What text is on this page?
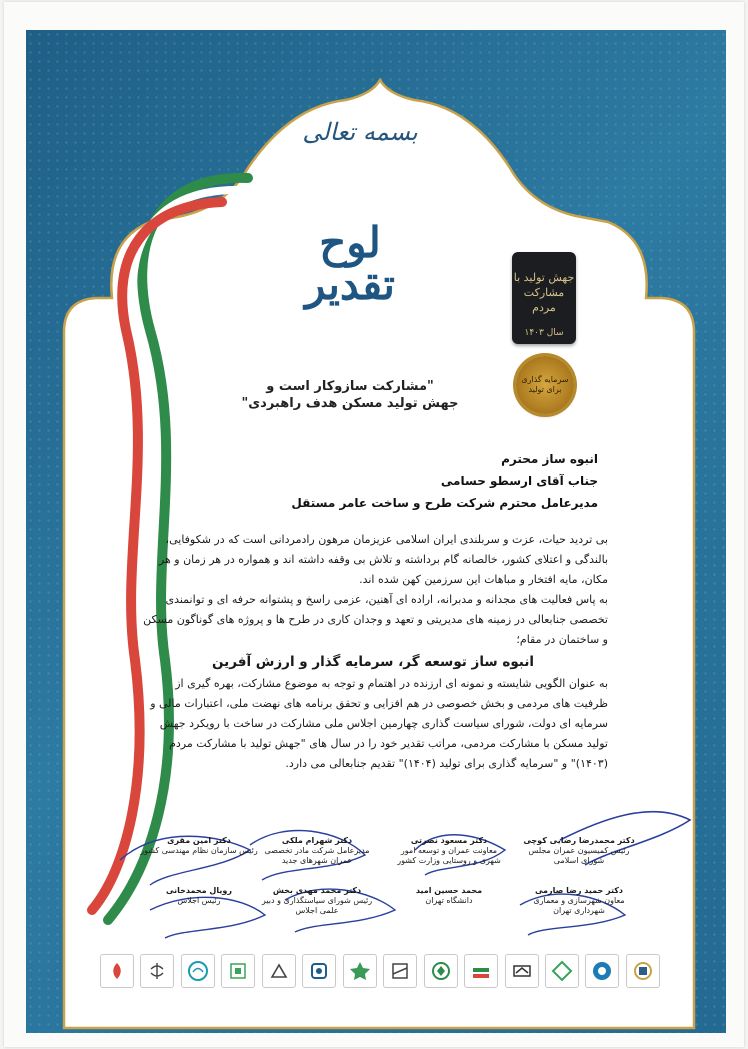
بسمه تعالی
لوح تقدیر
"مشارکت سازوکار است و
جهش تولید مسکن هدف راهبردی"
جهش تولید با مشارکت مردم
سال ۱۴۰۳
سرمایه گذاری برای تولید
انبوه ساز محترم
جناب آقای ارسطو حسامی
مدیرعامل محترم شرکت طرح و ساخت عامر مستقل

بی تردید حیات، عزت و سربلندی ایران اسلامی عزیزمان مرهون رادمردانی است که در شکوفایی، بالندگی و اعتلای کشور، خالصانه گام برداشته و تلاش بی وقفه داشته اند و همواره در هر زمان و هر مکان، مایه افتخار و مباهات این سرزمین کهن شده اند.

به پاس فعالیت های مجدانه و مدبرانه، اراده ای آهنین، عزمی راسخ و پشتوانه حرفه ای و توانمندی تخصصی جنابعالی در زمینه های مدیریتی و تعهد و وجدان کاری در طرح ها و پروژه های گوناگون مسکن و ساختمان در مقام؛

انبوه ساز توسعه گر، سرمایه گذار و ارزش آفرین

به عنوان الگویی شایسته و نمونه ای ارزنده در اهتمام و توجه به موضوع مشارکت، بهره گیری از ظرفیت های مردمی و بخش خصوصی در هم افزایی و تحقق برنامه های نهضت ملی، اعتبارات مالی و سرمایه ای دولت، شورای سیاست گذاری چهارمین اجلاس ملی مشارکت در ساخت با رویکرد جهش تولید مسکن با مشارکت مردمی، مراتب تقدیر خود را در سال های "جهش تولید با مشارکت مردم (۱۴۰۳)" و "سرمایه گذاری برای تولید (۱۴۰۴)" تقدیم جنابعالی می دارد.

دکتر محمدرضا رضایی کوچی
رئیس کمیسیون عمران مجلس شورای اسلامی
دکتر مسعود نصرتی
معاونت عمران و توسعه امور شهری و روستایی وزارت کشور
دکتر شهرام ملکی
مدیرعامل شرکت مادر تخصصی عمران شهرهای جدید
دکتر امین مقری
رئیس سازمان نظام مهندسی کشور
دکتر حمید رضا صارمی
معاون شهرسازی و معماری شهرداری تهران
محمد حسین امید
دانشگاه تهران
دکتر محمد مهدی بخش
رئیس شورای سیاستگذاری و دبیر علمی اجلاس
رویال محمدخانی
رئیس اجلاس
